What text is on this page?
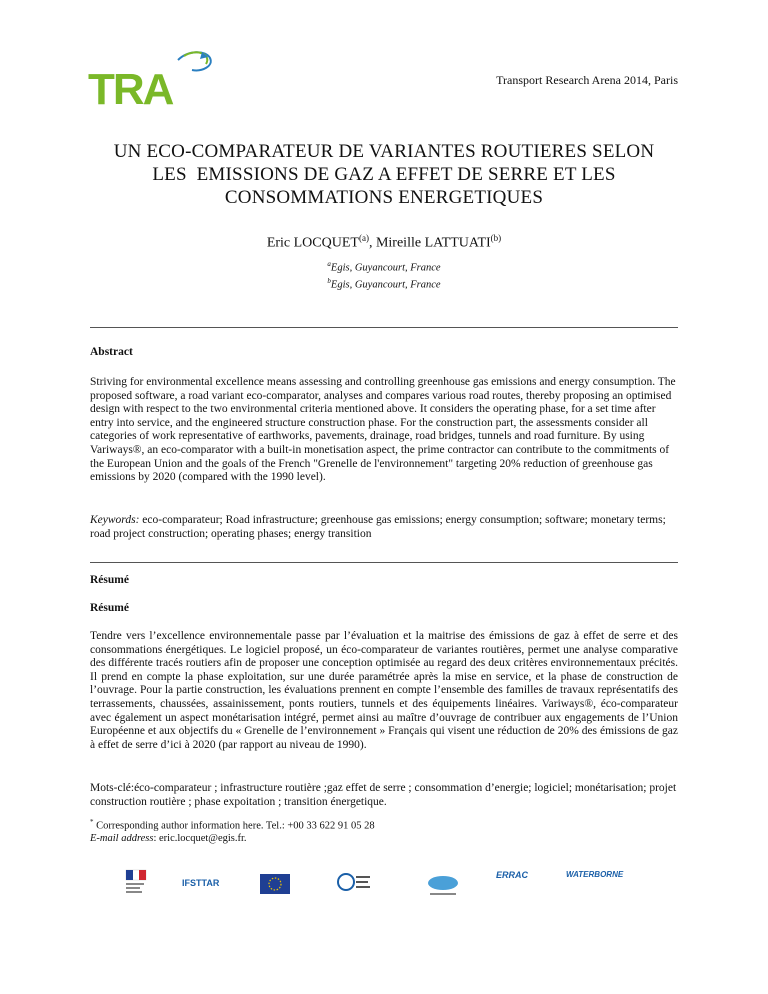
TRA	Transport Research Arena 2014, Paris
UN ECO-COMPARATEUR DE VARIANTES ROUTIERES SELON
LES  EMISSIONS DE GAZ A EFFET DE SERRE ET LES
CONSOMMATIONS ENERGETIQUES
Eric LOCQUET$^{(a)}$, Mireille LATTUATI$^{(b)}$
$^a$Egis, Guyancourt, France
$^b$Egis, Guyancourt, France
Abstract
Striving for environmental excellence means assessing and controlling greenhouse gas emissions and energy consumption. The proposed software, a road variant eco-comparator, analyses and compares various road routes, thereby proposing an optimised design with respect to the two environmental criteria mentioned above. It considers the operating phase, for a set time after entry into service, and the engineered structure construction phase. For the construction part, the assessments consider all categories of work representative of earthworks, pavements, drainage, road bridges, tunnels and road furniture. By using Variways®, an eco-comparator with a built-in monetisation aspect, the prime contractor can contribute to the commitments of the European Union and the goals of the French "Grenelle de l'environnement" targeting 20% reduction of greenhouse gas emissions by 2020 (compared with the 1990 level).
Keywords: eco-comparateur; Road infrastructure; greenhouse gas emissions; energy consumption; software; monetary terms; road project construction; operating phases; energy transition
Résumé
Résumé
Tendre vers l’excellence environnementale passe par l’évaluation et la maitrise des émissions de gaz à effet de serre et des consommations énergétiques. Le logiciel proposé, un éco-comparateur de variantes routières, permet une analyse comparative des différente tracés routiers afin de proposer une conception optimisée au regard des deux critères environnementaux précités. Il prend en compte la phase exploitation, sur une durée paramétrée après la mise en service, et la phase de construction de l’ouvrage. Pour la partie construction, les évaluations prennent en compte l’ensemble des familles de travaux représentatifs des terrassements, chaussées, assainissement, ponts routiers, tunnels et des équipements linéaires. Variways®, éco-comparateur avec également un aspect monétarisation intégré, permet ainsi au maître d’ouvrage de contribuer aux engagements de l’Union Européenne et aux objectifs du « Grenelle de l’environnement » Français qui visent une réduction de 20% des émissions de gaz à effet de serre d’ici à 2020 (par rapport au niveau de 1990).
Mots-clé:éco-comparateur ; infrastructure routière ;gaz effet de serre ; consommation d’energie; logiciel; monétarisation; projet construction routière ; phase expoitation ; transition énergetique.
* Corresponding author information here. Tel.: +00 33 622 91 05 28
E-mail address: eric.locquet@egis.fr.
IFSTTAR
ERRAC	WATERBORNE
